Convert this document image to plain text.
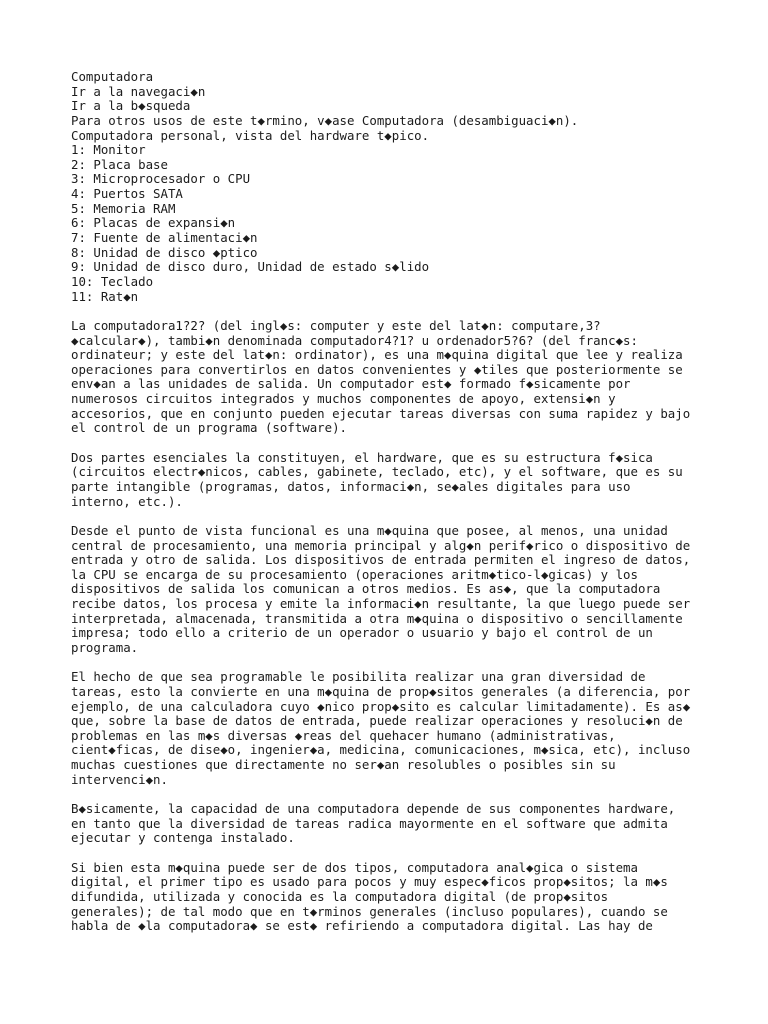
Computadora
Ir a la navegaci◆n
Ir a la b◆squeda
Para otros usos de este t◆rmino, v◆ase Computadora (desambiguaci◆n).
Computadora personal, vista del hardware t◆pico.
1: Monitor
2: Placa base
3: Microprocesador o CPU
4: Puertos SATA
5: Memoria RAM
6: Placas de expansi◆n
7: Fuente de alimentaci◆n
8: Unidad de disco ◆ptico
9: Unidad de disco duro, Unidad de estado s◆lido
10: Teclado
11: Rat◆n
La computadora1?2? (del ingl◆s: computer y este del lat◆n: computare,3?
◆calcular◆), tambi◆n denominada computador4?1? u ordenador5?6? (del franc◆s:
ordinateur; y este del lat◆n: ordinator), es una m◆quina digital que lee y realiza
operaciones para convertirlos en datos convenientes y ◆tiles que posteriormente se
env◆an a las unidades de salida. Un computador est◆ formado f◆sicamente por
numerosos circuitos integrados y muchos componentes de apoyo, extensi◆n y
accesorios, que en conjunto pueden ejecutar tareas diversas con suma rapidez y bajo
el control de un programa (software).
Dos partes esenciales la constituyen, el hardware, que es su estructura f◆sica
(circuitos electr◆nicos, cables, gabinete, teclado, etc), y el software, que es su
parte intangible (programas, datos, informaci◆n, se◆ales digitales para uso
interno, etc.).
Desde el punto de vista funcional es una m◆quina que posee, al menos, una unidad
central de procesamiento, una memoria principal y alg◆n perif◆rico o dispositivo de
entrada y otro de salida. Los dispositivos de entrada permiten el ingreso de datos,
la CPU se encarga de su procesamiento (operaciones aritm◆tico-l◆gicas) y los
dispositivos de salida los comunican a otros medios. Es as◆, que la computadora
recibe datos, los procesa y emite la informaci◆n resultante, la que luego puede ser
interpretada, almacenada, transmitida a otra m◆quina o dispositivo o sencillamente
impresa; todo ello a criterio de un operador o usuario y bajo el control de un
programa.
El hecho de que sea programable le posibilita realizar una gran diversidad de
tareas, esto la convierte en una m◆quina de prop◆sitos generales (a diferencia, por
ejemplo, de una calculadora cuyo ◆nico prop◆sito es calcular limitadamente). Es as◆
que, sobre la base de datos de entrada, puede realizar operaciones y resoluci◆n de
problemas en las m◆s diversas ◆reas del quehacer humano (administrativas,
cient◆ficas, de dise◆o, ingenier◆a, medicina, comunicaciones, m◆sica, etc), incluso
muchas cuestiones que directamente no ser◆an resolubles o posibles sin su
intervenci◆n.
B◆sicamente, la capacidad de una computadora depende de sus componentes hardware,
en tanto que la diversidad de tareas radica mayormente en el software que admita
ejecutar y contenga instalado.
Si bien esta m◆quina puede ser de dos tipos, computadora anal◆gica o sistema
digital, el primer tipo es usado para pocos y muy espec◆ficos prop◆sitos; la m◆s
difundida, utilizada y conocida es la computadora digital (de prop◆sitos
generales); de tal modo que en t◆rminos generales (incluso populares), cuando se
habla de ◆la computadora◆ se est◆ refiriendo a computadora digital. Las hay de
